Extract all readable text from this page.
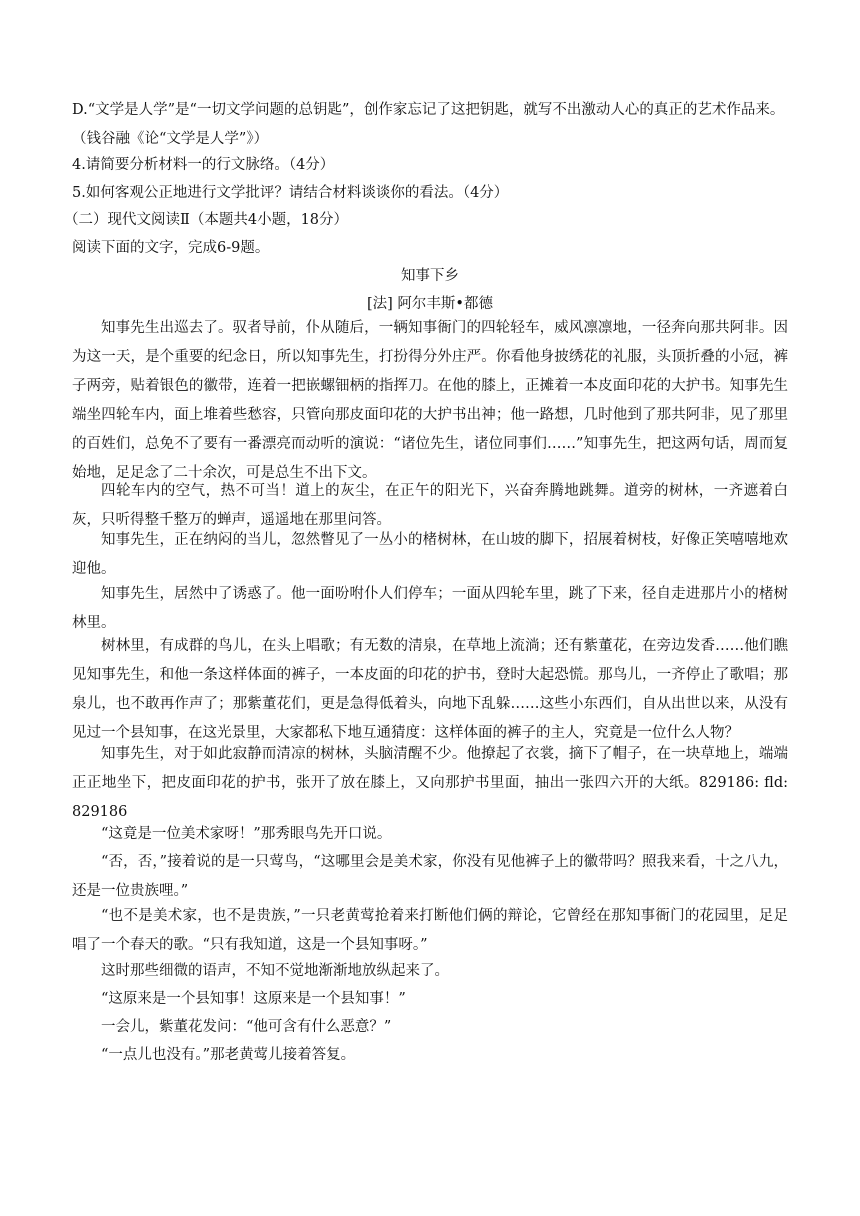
D.“文学是人学”是“一切文学问题的总钥匙”，创作家忘记了这把钥匙，就写不出激动人心的真正的艺术作品来。（钱谷融《论“文学是人学”》）
4.请简要分析材料一的行文脉络。（4分）
5.如何客观公正地进行文学批评？请结合材料谈谈你的看法。（4分）
（二）现代文阅读Ⅱ（本题共4小题，18分）
阅读下面的文字，完成6-9题。
知事下乡
[法] 阿尔丰斯•都德
知事先生出巡去了。驭者导前，仆从随后，一辆知事衙门的四轮轻车，威风凛凛地，一径奔向那共阿非。因为这一天，是个重要的纪念日，所以知事先生，打扮得分外庄严。你看他身披绣花的礼服，头顶折叠的小冠，裤子两旁，贴着银色的徽带，连着一把嵌螺钿柄的指挥刀。在他的膝上，正摊着一本皮面印花的大护书。知事先生端坐四轮车内，面上堆着些愁容，只管向那皮面印花的大护书出神；他一路想，几时他到了那共阿非，见了那里的百姓们，总免不了要有一番漂亮而动听的演说：“诸位先生，诸位同事们……”知事先生，把这两句话，周而复始地，足足念了二十余次，可是总生不出下文。
四轮车内的空气，热不可当！道上的灰尘，在正午的阳光下，兴奋奔腾地跳舞。道旁的树林，一齐遮着白灰，只听得整千整万的蝉声，遥遥地在那里问答。
知事先生，正在纳闷的当儿，忽然瞥见了一丛小的楮树林，在山坡的脚下，招展着树枝，好像正笑嘻嘻地欢迎他。
知事先生，居然中了诱惑了。他一面吩咐仆人们停车；一面从四轮车里，跳了下来，径自走进那片小的楮树林里。
树林里，有成群的鸟儿，在头上唱歌；有无数的清泉，在草地上流淌；还有紫董花，在旁边发香……他们瞧见知事先生，和他一条这样体面的裤子，一本皮面的印花的护书，登时大起恐慌。那鸟儿，一齐停止了歌唱；那泉儿，也不敢再作声了；那紫董花们，更是急得低着头，向地下乱躲……这些小东西们，自从出世以来，从没有见过一个县知事，在这光景里，大家都私下地互通猜度：这样体面的裤子的主人，究竟是一位什么人物？
知事先生，对于如此寂静而清凉的树林，头脑清醒不少。他撩起了衣裳，摘下了帽子，在一块草地上，端端正正地坐下，把皮面印花的护书，张开了放在膝上，又向那护书里面，抽出一张四六开的大纸。829186: fld: 829186
“这竟是一位美术家呀！”那秀眼鸟先开口说。
“否，否，”接着说的是一只莺鸟，“这哪里会是美术家，你没有见他裤子上的徽带吗？照我来看，十之八九，还是一位贵族哩。”
“也不是美术家，也不是贵族，”一只老黄莺抢着来打断他们俩的辩论，它曾经在那知事衙门的花园里，足足唱了一个春天的歌。“只有我知道，这是一个县知事呀。”
这时那些细微的语声，不知不觉地渐渐地放纵起来了。
“这原来是一个县知事！这原来是一个县知事！”
一会儿，紫董花发问：“他可含有什么恶意？”
“一点儿也没有。”那老黄莺儿接着答复。
